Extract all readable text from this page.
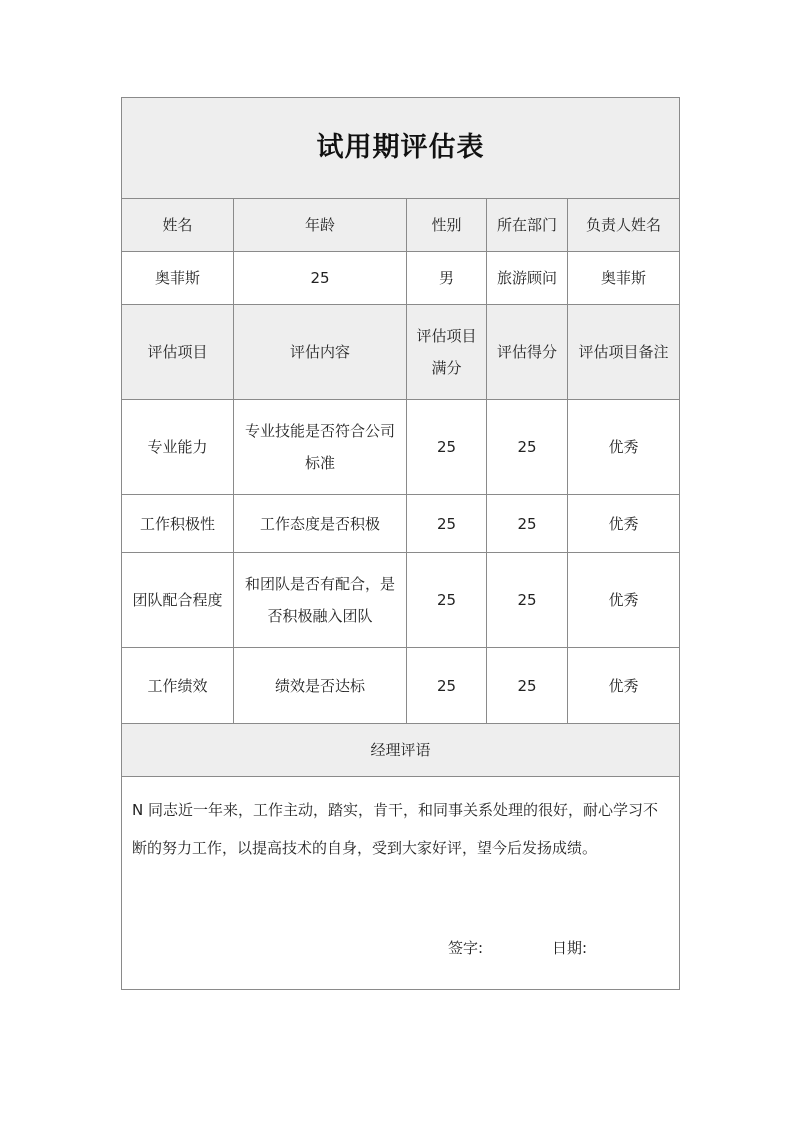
试用期评估表				
姓名	年龄	性别	所在部门	负责人姓名
奥菲斯	25	男	旅游顾问	奥菲斯
评估项目	评估内容	评估项目满分	评估得分	评估项目备注
专业能力	专业技能是否符合公司标准	25	25	优秀
工作积极性	工作态度是否积极	25	25	优秀
团队配合程度	和团队是否有配合，是否积极融入团队	25	25	优秀
工作绩效	绩效是否达标	25	25	优秀
经理评语				

N 同志近一年来，工作主动，踏实，肯干，和同事关系处理的很好，耐心学习不断的努力工作，以提高技术的自身，受到大家好评，望今后发扬成绩。
签字: 日期:				
